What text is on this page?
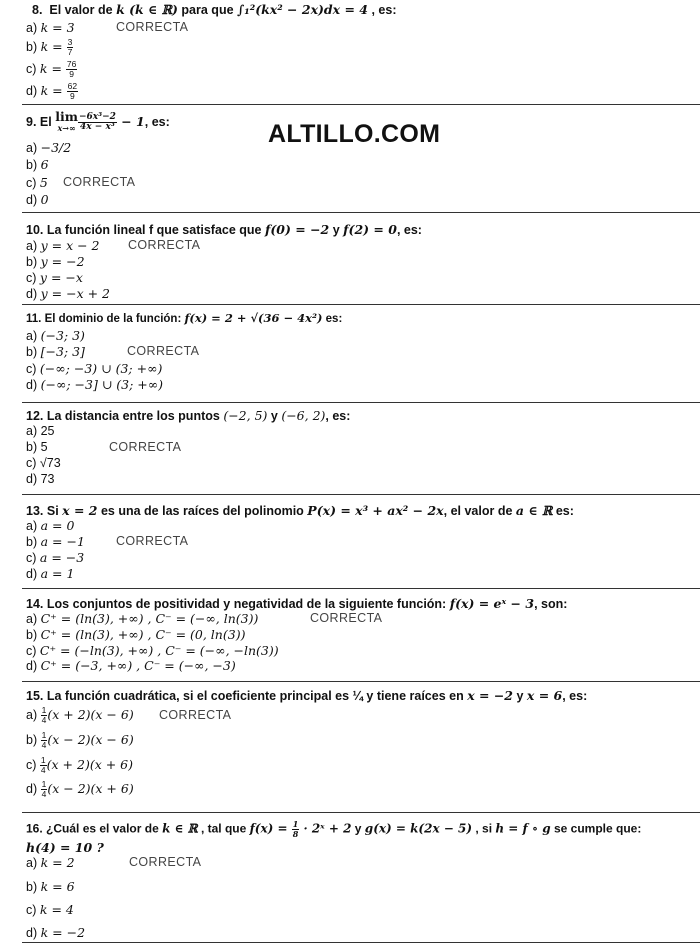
8. El valor de k (k ∈ ℝ) para que ∫₁²(kx² − 2x)dx = 4 , es:
a) k = 3	CORRECTA
b) $k = \frac{3}{7}$
c) $k = \frac{76}{9}$
d) $k = \frac{62}{9}$
9. El lim
$x\to\infty \frac{\text{−6x³−2}}{\text{4x − x³}} - 1$, es:	ALTILLO.COM
a) −3/2
b) 6
c) 5 CORRECTA
d) 0
10. La función lineal f que satisface que f(0) = −2 y f(2) = 0, es:
a) y = x − 2 CORRECTA
b) y = −2
c) y = −x
d) y = −x + 2
11. El dominio de la función: f(x) = 2 + √(36 − 4x²) es:
a) (−3; 3)
b) [−3; 3]	CORRECTA
c) (−∞; −3) ∪ (3; +∞)
d) (−∞; −3] ∪ (3; +∞)
12. La distancia entre los puntos (−2, 5) y (−6, 2), es:
a) 25
b) 5	CORRECTA
c) √73
d) 73
13. Si x = 2 es una de las raíces del polinomio P(x) = x³ + ax² − 2x, el valor de a ∈ ℝ es:
a) a = 0
b) a = −1 CORRECTA
c) a = −3
d) a = 1
14. Los conjuntos de positividad y negatividad de la siguiente función: f(x) = eˣ − 3, son:
a) C⁺ = (ln(3), +∞) , C⁻ = (−∞, ln(3))	CORRECTA
b) C⁺ = (ln(3), +∞) , C⁻ = (0, ln(3))
c) C⁺ = (−ln(3), +∞) , C⁻ = (−∞, −ln(3))
d) C⁺ = (−3, +∞) , C⁻ = (−∞, −3)
15. La función cuadrática, si el coeficiente principal es ¼ y tiene raíces en x = −2 y x = 6, es:
$a) \frac{1}{4} (x + 2)(x - 6)$ CORRECTA
$b) \frac{1}{4} (x - 2)(x - 6)$
$c) \frac{1}{4} (x + 2)(x + 6)$
$d) \frac{1}{4} (x - 2)(x + 6)$
16. ¿Cuál es el valor de k ∈ ℝ , tal que $f(x) = \frac{1}{8}$ · 2ˣ + 2 y g(x) = k(2x − 5) , si h = f ∘ g se cumple que:
h(4) = 10 ?
a) k = 2	CORRECTA
b) k = 6
c) k = 4
d) k = −2
